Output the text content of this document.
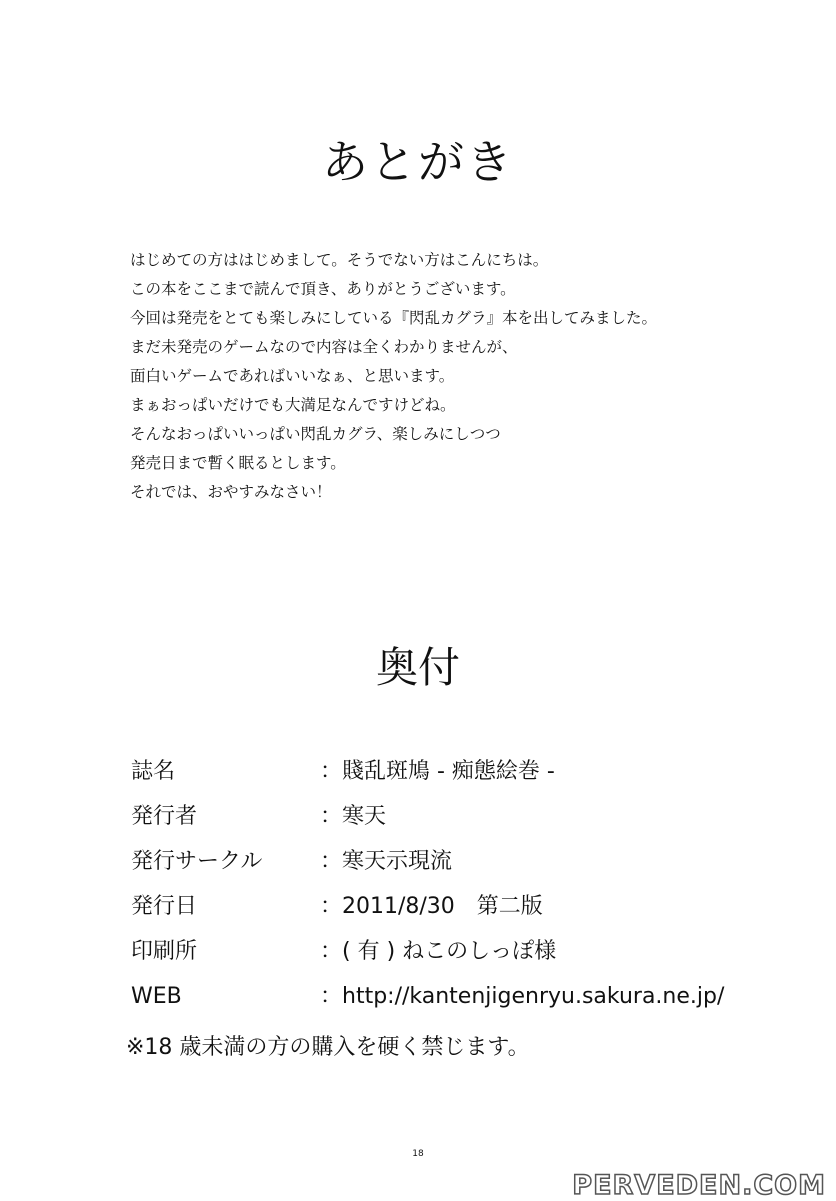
あとがき
はじめての方ははじめまして。そうでない方はこんにちは。
この本をここまで読んで頂き、ありがとうございます。
今回は発売をとても楽しみにしている『閃乱カグラ』本を出してみました。
まだ未発売のゲームなので内容は全くわかりませんが、
面白いゲームであればいいなぁ、と思います。
まぁおっぱいだけでも大満足なんですけどね。
そんなおっぱいいっぱい閃乱カグラ、楽しみにしつつ
発売日まで暫く眠るとします。
それでは、おやすみなさい！
奥付
誌名	：賤乱斑鳩 - 痴態絵巻 -
発行者	：寒天
発行サークル	：寒天示現流
発行日	：2011/8/30　第二版
印刷所	：( 有 ) ねこのしっぽ様
WEB	：http://kantenjigenryu.sakura.ne.jp/
※18 歳未満の方の購入を硬く禁じます。
18
PERVEDEN.COM
